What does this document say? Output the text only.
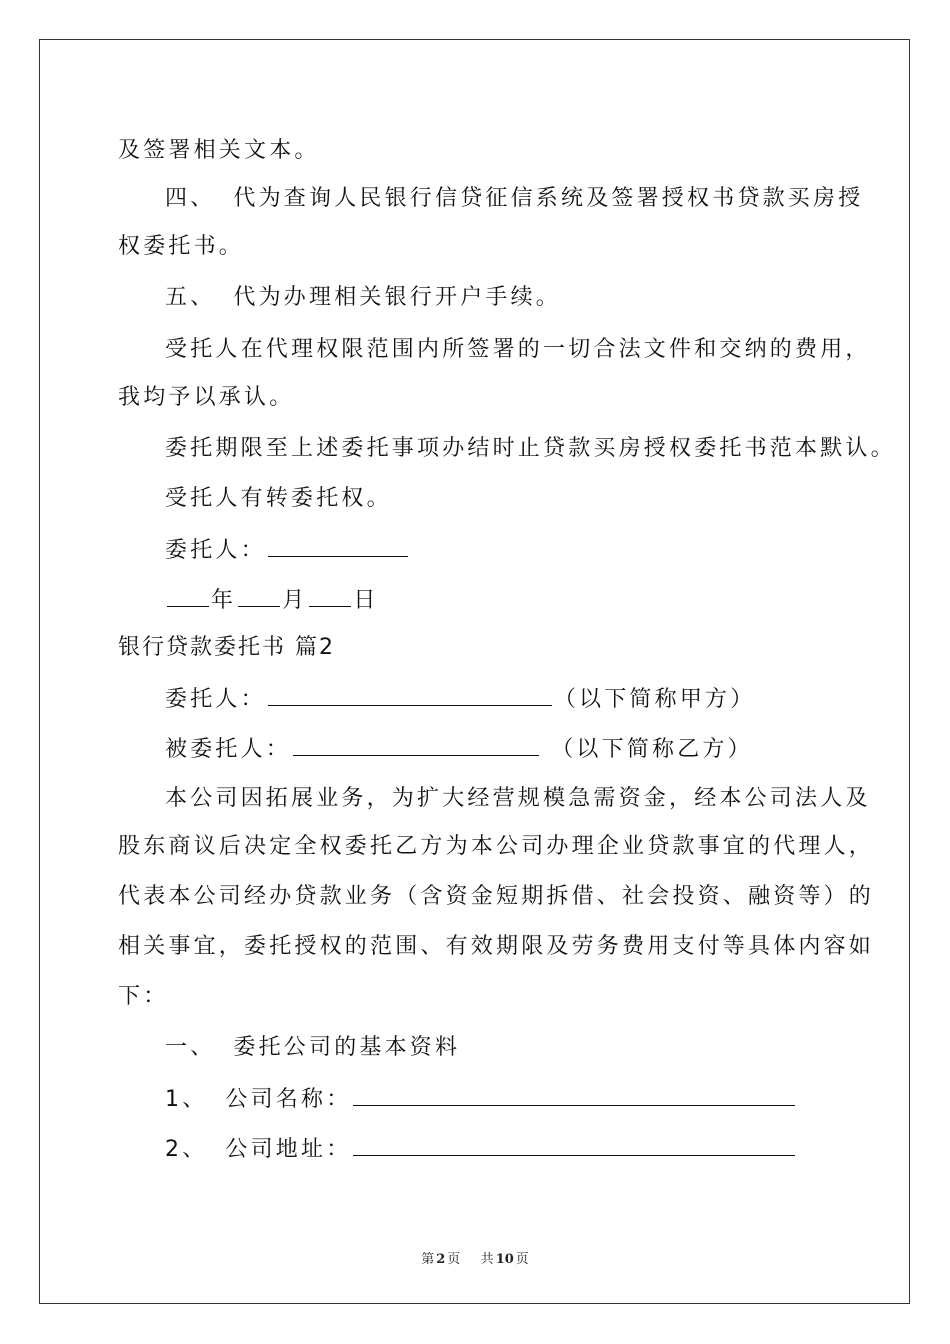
及签署相关文本。
四、 代为查询人民银行信贷征信系统及签署授权书贷款买房授
权委托书。
五、 代为办理相关银行开户手续。
受托人在代理权限范围内所签署的一切合法文件和交纳的费用，
我均予以承认。
委托期限至上述委托事项办结时止贷款买房授权委托书范本默认。
受托人有转委托权。
委托人：
年 月 日
银行贷款委托书 篇2
委托人：	（以下简称甲方）
被委托人：	（以下简称乙方）
本公司因拓展业务，为扩大经营规模急需资金，经本公司法人及
股东商议后决定全权委托乙方为本公司办理企业贷款事宜的代理人，
代表本公司经办贷款业务（含资金短期拆借、社会投资、融资等）的
相关事宜，委托授权的范围、有效期限及劳务费用支付等具体内容如
下：
一、 委托公司的基本资料
1、 公司名称：
2、 公司地址：
第 2 页 共 10 页
